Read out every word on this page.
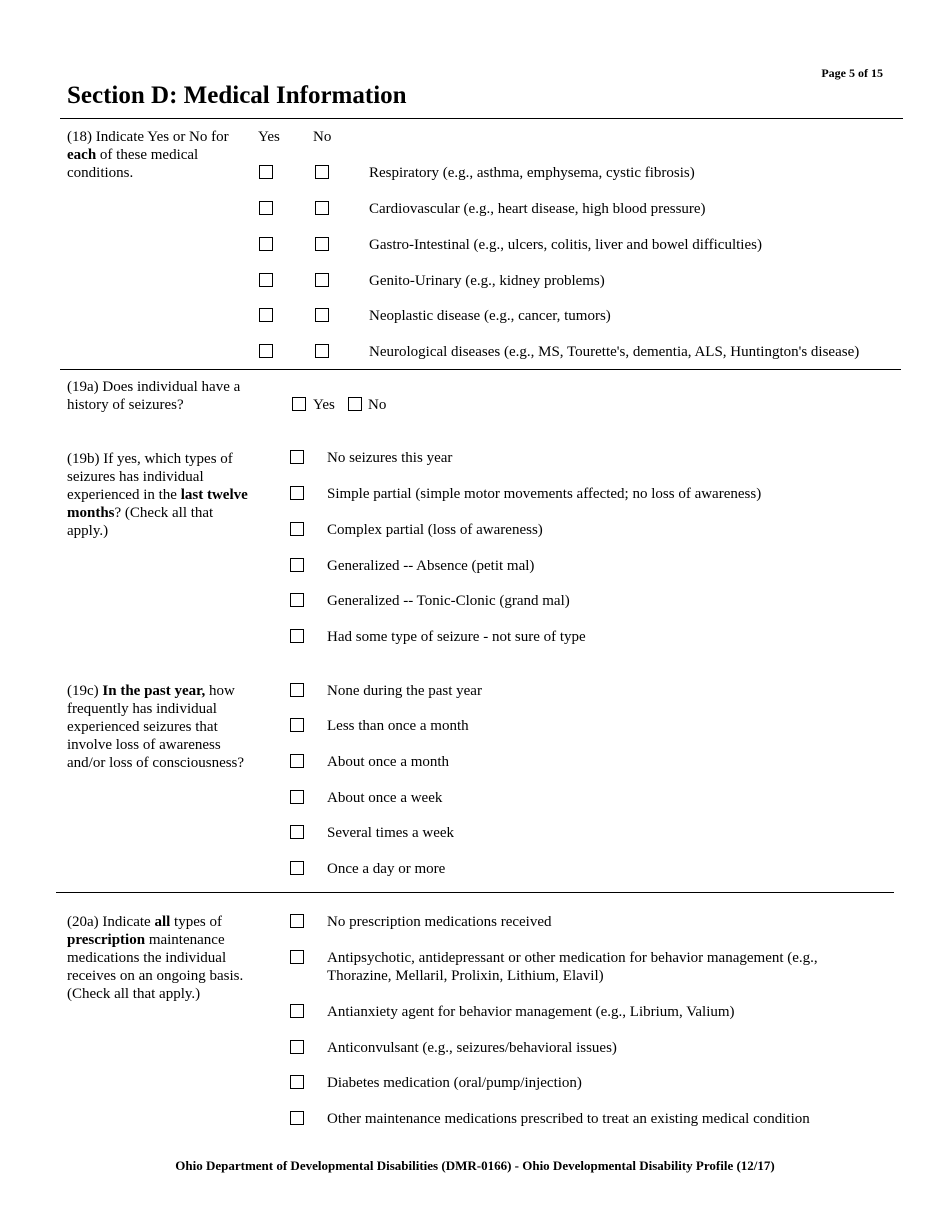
Page 5 of 15
Section D: Medical Information
(18) Indicate Yes or No for each of these medical conditions.
Yes No
Respiratory (e.g., asthma, emphysema, cystic fibrosis)
Cardiovascular (e.g., heart disease, high blood pressure)
Gastro-Intestinal (e.g., ulcers, colitis, liver and bowel difficulties)
Genito-Urinary (e.g., kidney problems)
Neoplastic disease (e.g., cancer, tumors)
Neurological diseases (e.g., MS, Tourette's, dementia, ALS, Huntington's disease)
(19a) Does individual have a history of seizures?	Yes No
(19b) If yes, which types of seizures has individual experienced in the last twelve months? (Check all that apply.)
No seizures this year
Simple partial (simple motor movements affected; no loss of awareness)
Complex partial (loss of awareness)
Generalized -- Absence (petit mal)
Generalized -- Tonic-Clonic (grand mal)
Had some type of seizure - not sure of type
(19c) In the past year, how frequently has individual experienced seizures that involve loss of awareness and/or loss of consciousness?
None during the past year
Less than once a month
About once a month
About once a week
Several times a week
Once a day or more
(20a) Indicate all types of prescription maintenance medications the individual receives on an ongoing basis. (Check all that apply.)
No prescription medications received
Antipsychotic, antidepressant or other medication for behavior management (e.g., Thorazine, Mellaril, Prolixin, Lithium, Elavil)
Antianxiety agent for behavior management (e.g., Librium, Valium)
Anticonvulsant (e.g., seizures/behavioral issues)
Diabetes medication (oral/pump/injection)
Other maintenance medications prescribed to treat an existing medical condition
Ohio Department of Developmental Disabilities (DMR-0166) - Ohio Developmental Disability Profile (12/17)
